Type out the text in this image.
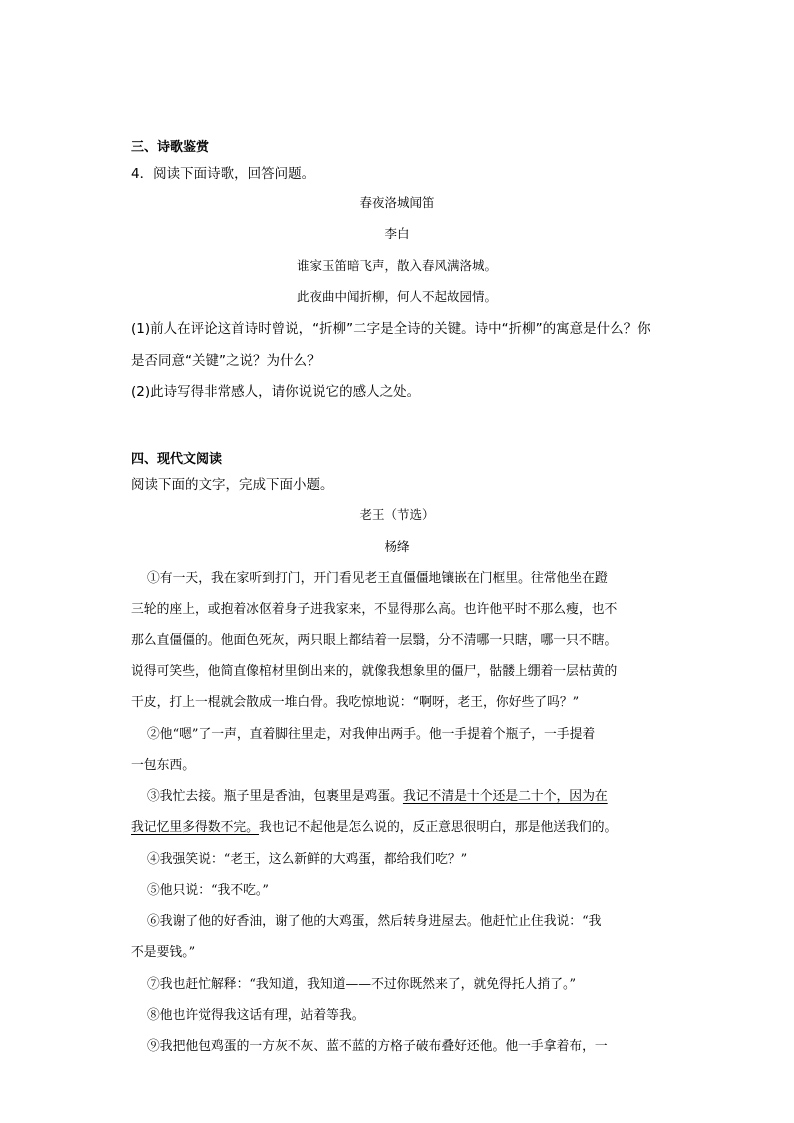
三、诗歌鉴赏
4．阅读下面诗歌，回答问题。
春夜洛城闻笛
李白
谁家玉笛暗飞声，散入春风满洛城。
此夜曲中闻折柳，何人不起故园情。
(1)前人在评论这首诗时曾说，“折柳”二字是全诗的关键。诗中“折柳”的寓意是什么？你
是否同意“关键”之说？为什么？
(2)此诗写得非常感人，请你说说它的感人之处。
四、现代文阅读
阅读下面的文字，完成下面小题。
老王（节选）
杨绛
①有一天，我在家听到打门，开门看见老王直僵僵地镶嵌在门框里。往常他坐在蹬
三轮的座上，或抱着冰伛着身子进我家来，不显得那么高。也许他平时不那么瘦，也不
那么直僵僵的。他面色死灰，两只眼上都结着一层翳，分不清哪一只瞎，哪一只不瞎。
说得可笑些，他简直像棺材里倒出来的，就像我想象里的僵尸，骷髅上绷着一层枯黄的
干皮，打上一棍就会散成一堆白骨。我吃惊地说：“啊呀，老王，你好些了吗？”
②他“嗯”了一声，直着脚往里走，对我伸出两手。他一手提着个瓶子，一手提着
一包东西。
③我忙去接。瓶子里是香油，包裹里是鸡蛋。我记不清是十个还是二十个，因为在
我记忆里多得数不完。我也记不起他是怎么说的，反正意思很明白，那是他送我们的。
④我强笑说：“老王，这么新鲜的大鸡蛋，都给我们吃？”
⑤他只说：“我不吃。”
⑥我谢了他的好香油，谢了他的大鸡蛋，然后转身进屋去。他赶忙止住我说：“我
不是要钱。”
⑦我也赶忙解释：“我知道，我知道——不过你既然来了，就免得托人捎了。”
⑧他也许觉得我这话有理，站着等我。
⑨我把他包鸡蛋的一方灰不灰、蓝不蓝的方格子破布叠好还他。他一手拿着布，一
